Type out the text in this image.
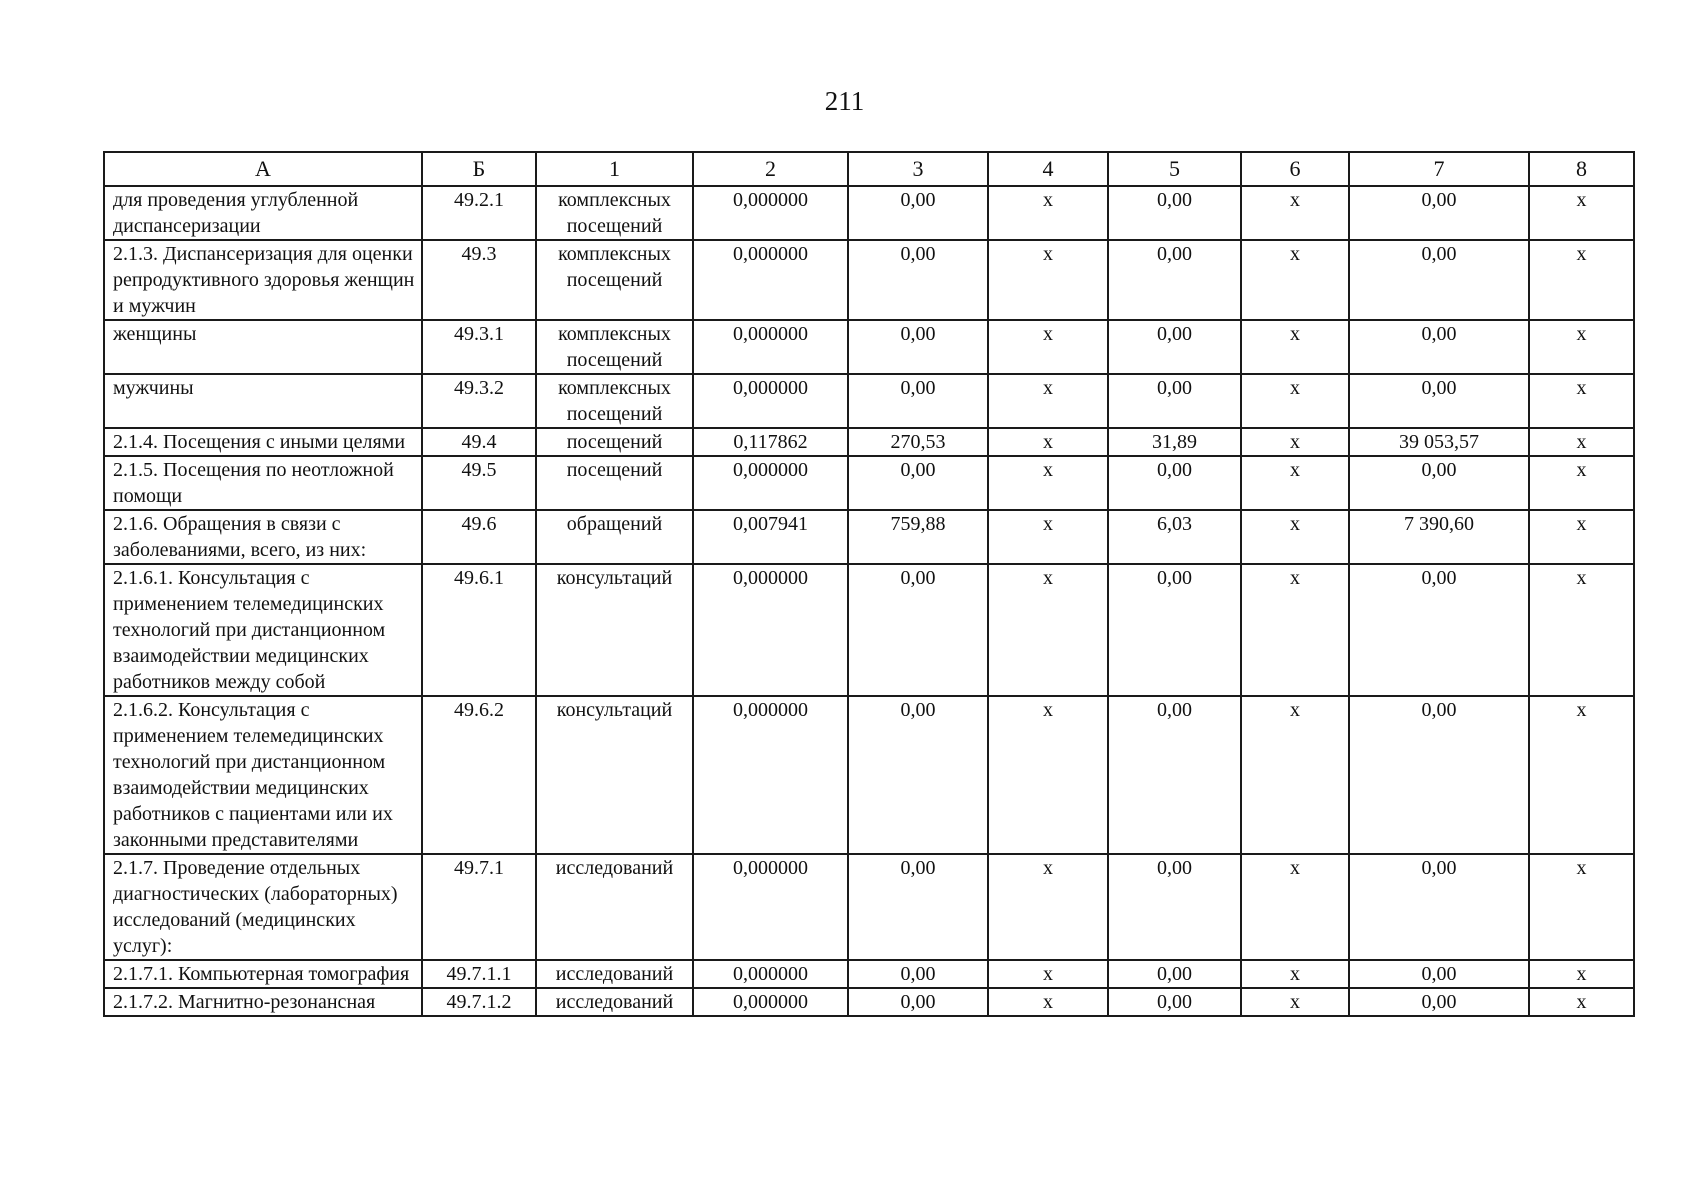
211
А	Б	1	2	3	4	5	6	7	8
для проведения углубленной диспансеризации	49.2.1	комплексных посещений	0,000000	0,00	х	0,00	х	0,00	х
2.1.3. Диспансеризация для оценки репродуктивного здоровья женщин и мужчин	49.3	комплексных посещений	0,000000	0,00	х	0,00	х	0,00	х
женщины	49.3.1	комплексных посещений	0,000000	0,00	х	0,00	х	0,00	х
мужчины	49.3.2	комплексных посещений	0,000000	0,00	х	0,00	х	0,00	х
2.1.4. Посещения с иными целями	49.4	посещений	0,117862	270,53	х	31,89	х	39 053,57	х
2.1.5. Посещения по неотложной помощи	49.5	посещений	0,000000	0,00	х	0,00	х	0,00	х
2.1.6. Обращения в связи с заболеваниями, всего, из них:	49.6	обращений	0,007941	759,88	х	6,03	х	7 390,60	х
2.1.6.1. Консультация с применением телемедицинских технологий при дистанционном взаимодействии медицинских работников между собой	49.6.1	консультаций	0,000000	0,00	х	0,00	х	0,00	х
2.1.6.2. Консультация с применением телемедицинских технологий при дистанционном взаимодействии медицинских работников с пациентами или их законными представителями	49.6.2	консультаций	0,000000	0,00	х	0,00	х	0,00	х
2.1.7. Проведение отдельных диагностических (лабораторных) исследований (медицинских услуг):	49.7.1	исследований	0,000000	0,00	х	0,00	х	0,00	х
2.1.7.1. Компьютерная томография	49.7.1.1	исследований	0,000000	0,00	х	0,00	х	0,00	х
2.1.7.2. Магнитно-резонансная	49.7.1.2	исследований	0,000000	0,00	х	0,00	х	0,00	х
